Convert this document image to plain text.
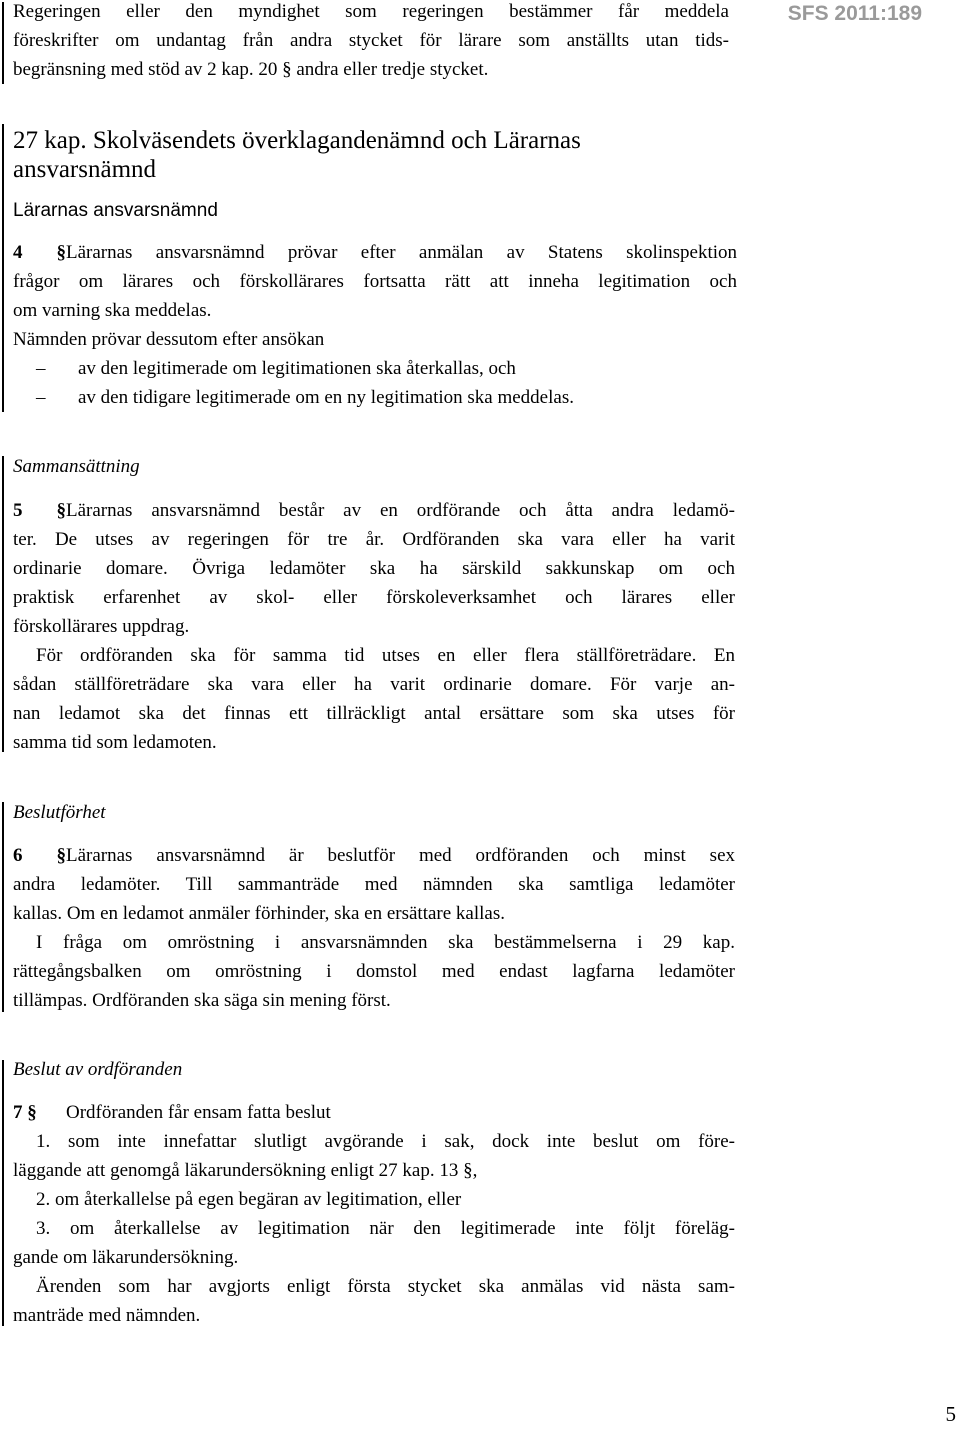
Regeringen eller den myndighet som regeringen bestämmer får meddela
föreskrifter om undantag från andra stycket för lärare som anställts utan tids-
begränsning med stöd av 2 kap. 20 § andra eller tredje stycket.
SFS 2011:189
27 kap. Skolväsendets överklagandenämnd och Lärarnas
ansvarsnämnd
Lärarnas ansvarsnämnd
4 §Lärarnas ansvarsnämnd prövar efter anmälan av Statens skolinspektion
frågor om lärares och förskollärares fortsatta rätt att inneha legitimation och
om varning ska meddelas.
Nämnden prövar dessutom efter ansökan
– av den legitimerade om legitimationen ska återkallas, och
– av den tidigare legitimerade om en ny legitimation ska meddelas.
Sammansättning
5 §Lärarnas ansvarsnämnd består av en ordförande och åtta andra ledamö-
ter. De utses av regeringen för tre år. Ordföranden ska vara eller ha varit
ordinarie domare. Övriga ledamöter ska ha särskild sakkunskap om och
praktisk erfarenhet av skol- eller förskoleverksamhet och lärares eller
förskollärares uppdrag.
För ordföranden ska för samma tid utses en eller flera ställföreträdare. En
sådan ställföreträdare ska vara eller ha varit ordinarie domare. För varje an-
nan ledamot ska det finnas ett tillräckligt antal ersättare som ska utses för
samma tid som ledamoten.
Beslutförhet
6 §Lärarnas ansvarsnämnd är beslutför med ordföranden och minst sex
andra ledamöter. Till sammanträde med nämnden ska samtliga ledamöter
kallas. Om en ledamot anmäler förhinder, ska en ersättare kallas.
I fråga om omröstning i ansvarsnämnden ska bestämmelserna i 29 kap.
rättegångsbalken om omröstning i domstol med endast lagfarna ledamöter
tillämpas. Ordföranden ska säga sin mening först.
Beslut av ordföranden
7 § Ordföranden får ensam fatta beslut
1. som inte innefattar slutligt avgörande i sak, dock inte beslut om före-
läggande att genomgå läkarundersökning enligt 27 kap. 13 §,
2. om återkallelse på egen begäran av legitimation, eller
3. om återkallelse av legitimation när den legitimerade inte följt föreläg-
gande om läkarundersökning.
Ärenden som har avgjorts enligt första stycket ska anmälas vid nästa sam-
manträde med nämnden.
5
